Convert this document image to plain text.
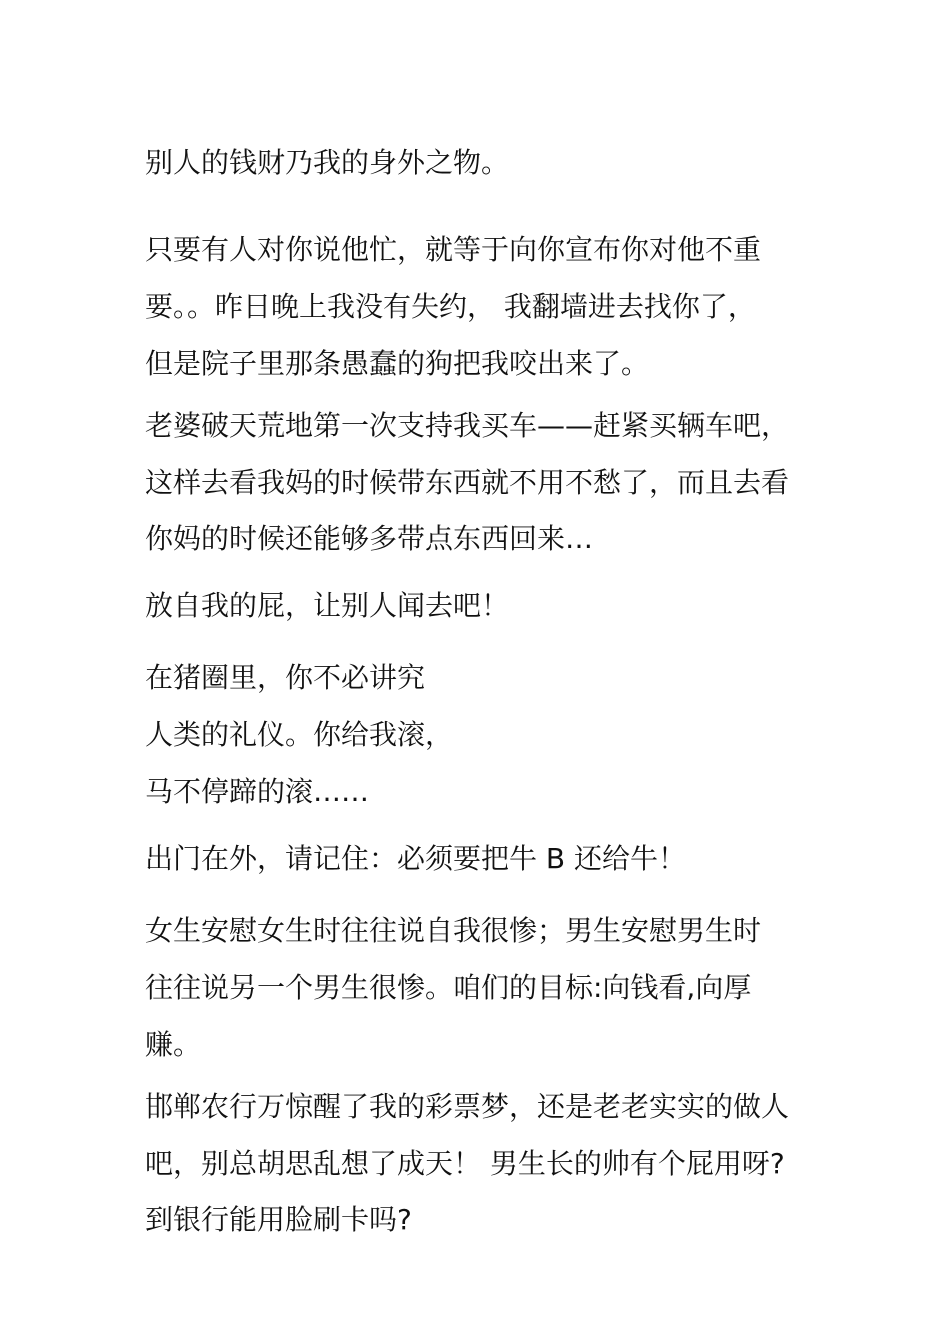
别人的钱财乃我的身外之物。

只要有人对你说他忙，就等于向你宣布你对他不重

要。。昨日晚上我没有失约， 我翻墙进去找你了，

但是院子里那条愚蠢的狗把我咬出来了。

老婆破天荒地第一次支持我买车——赶紧买辆车吧，

这样去看我妈的时候带东西就不用不愁了，而且去看

你妈的时候还能够多带点东西回来…

放自我的屁，让别人闻去吧！

在猪圈里，你不必讲究

人类的礼仪。你给我滚，

马不停蹄的滚……

出门在外，请记住：必须要把牛 B 还给牛！

女生安慰女生时往往说自我很惨；男生安慰男生时

往往说另一个男生很惨。咱们的目标:向钱看,向厚

赚。

邯郸农行万惊醒了我的彩票梦，还是老老实实的做人

吧，别总胡思乱想了成天！ 男生长的帅有个屁用呀?

到银行能用脸刷卡吗?
